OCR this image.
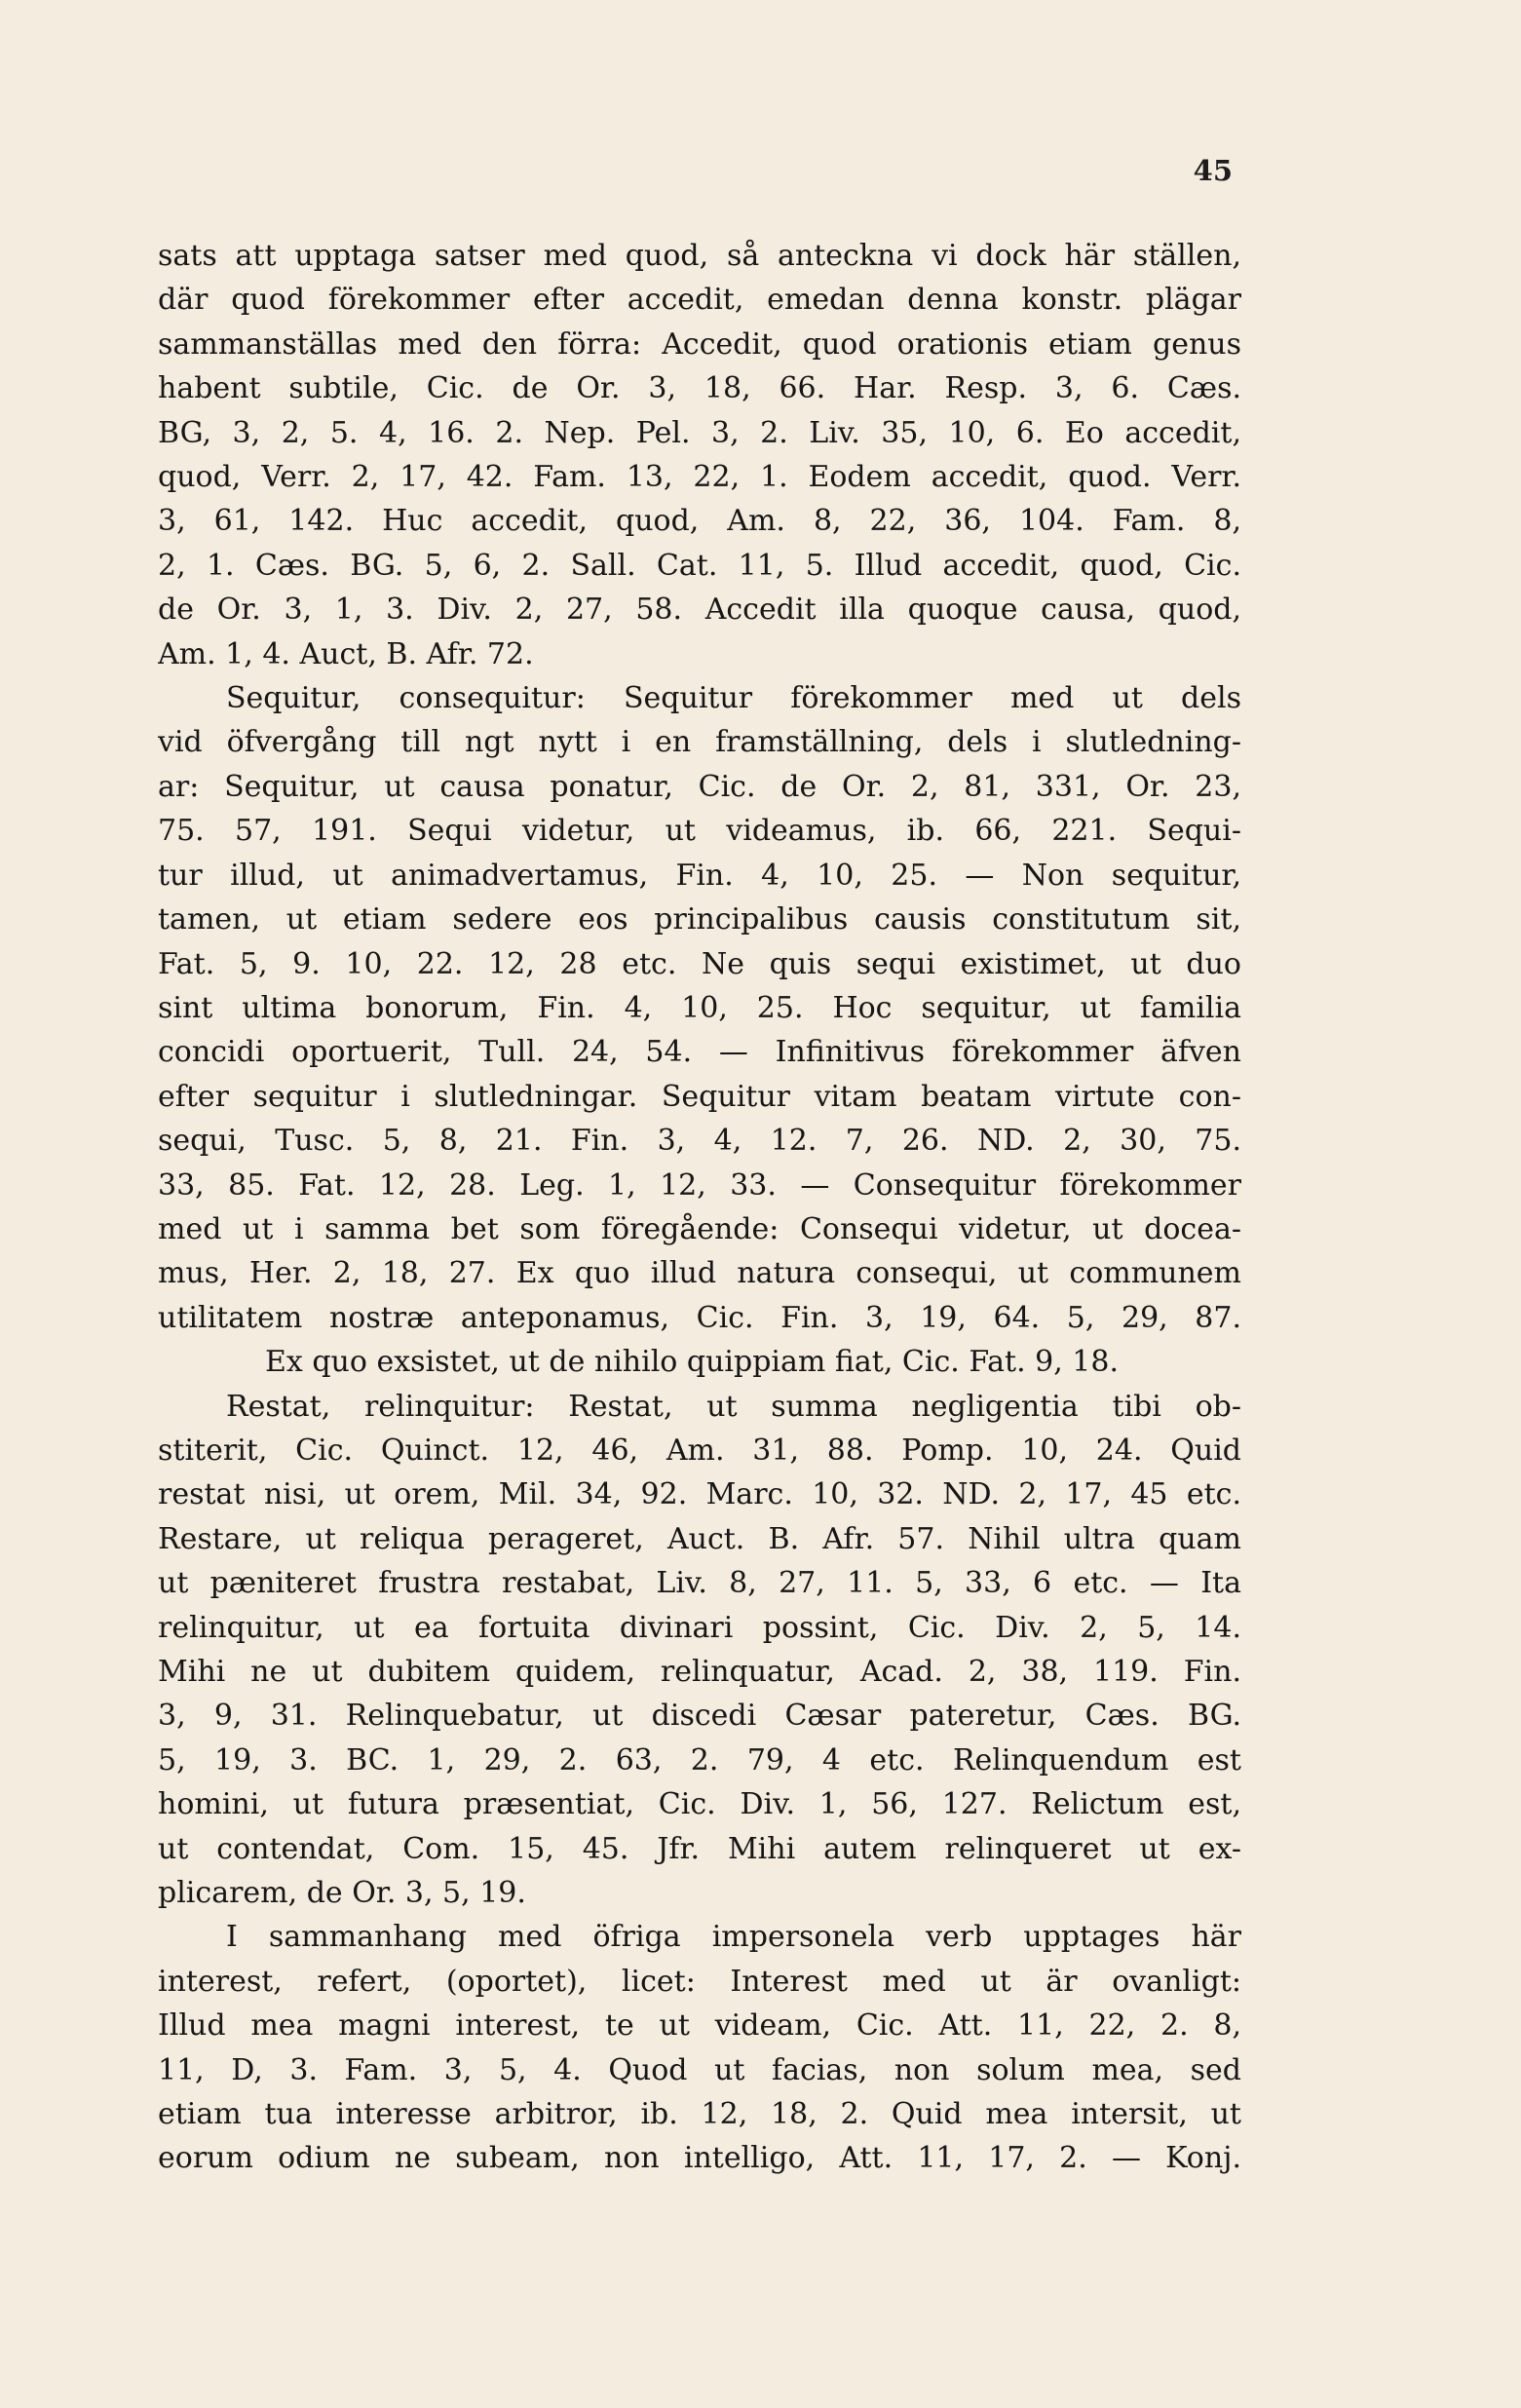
45
sats att upptaga satser med quod, så anteckna vi dock här ställen,
där quod förekommer efter accedit, emedan denna konstr. plägar
sammanställas med den förra: Accedit, quod orationis etiam genus
habent subtile, Cic. de Or. 3, 18, 66. Har. Resp. 3, 6. Cæs.
BG, 3, 2, 5. 4, 16. 2. Nep. Pel. 3, 2. Liv. 35, 10, 6. Eo accedit,
quod, Verr. 2, 17, 42. Fam. 13, 22, 1. Eodem accedit, quod. Verr.
3, 61, 142. Huc accedit, quod, Am. 8, 22, 36, 104. Fam. 8,
2, 1. Cæs. BG. 5, 6, 2. Sall. Cat. 11, 5. Illud accedit, quod, Cic.
de Or. 3, 1, 3. Div. 2, 27, 58. Accedit illa quoque causa, quod,
Am. 1, 4. Auct, B. Afr. 72.
Sequitur, consequitur: Sequitur förekommer med ut dels
vid öfvergång till ngt nytt i en framställning, dels i slutledning-
ar: Sequitur, ut causa ponatur, Cic. de Or. 2, 81, 331, Or. 23,
75. 57, 191. Sequi videtur, ut videamus, ib. 66, 221. Sequi-
tur illud, ut animadvertamus, Fin. 4, 10, 25. — Non sequitur,
tamen, ut etiam sedere eos principalibus causis constitutum sit,
Fat. 5, 9. 10, 22. 12, 28 etc. Ne quis sequi existimet, ut duo
sint ultima bonorum, Fin. 4, 10, 25. Hoc sequitur, ut familia
concidi oportuerit, Tull. 24, 54. — Infinitivus förekommer äfven
efter sequitur i slutledningar. Sequitur vitam beatam virtute con-
sequi, Tusc. 5, 8, 21. Fin. 3, 4, 12. 7, 26. ND. 2, 30, 75.
33, 85. Fat. 12, 28. Leg. 1, 12, 33. — Consequitur förekommer
med ut i samma bet som föregående: Consequi videtur, ut docea-
mus, Her. 2, 18, 27. Ex quo illud natura consequi, ut communem
utilitatem nostræ anteponamus, Cic. Fin. 3, 19, 64. 5, 29, 87.
Ex quo exsistet, ut de nihilo quippiam fiat, Cic. Fat. 9, 18.
Restat, relinquitur: Restat, ut summa negligentia tibi ob-
stiterit, Cic. Quinct. 12, 46, Am. 31, 88. Pomp. 10, 24. Quid
restat nisi, ut orem, Mil. 34, 92. Marc. 10, 32. ND. 2, 17, 45 etc.
Restare, ut reliqua perageret, Auct. B. Afr. 57. Nihil ultra quam
ut pæniteret frustra restabat, Liv. 8, 27, 11. 5, 33, 6 etc. — Ita
relinquitur, ut ea fortuita divinari possint, Cic. Div. 2, 5, 14.
Mihi ne ut dubitem quidem, relinquatur, Acad. 2, 38, 119. Fin.
3, 9, 31. Relinquebatur, ut discedi Cæsar pateretur, Cæs. BG.
5, 19, 3. BC. 1, 29, 2. 63, 2. 79, 4 etc. Relinquendum est
homini, ut futura præsentiat, Cic. Div. 1, 56, 127. Relictum est,
ut contendat, Com. 15, 45. Jfr. Mihi autem relinqueret ut ex-
plicarem, de Or. 3, 5, 19.
I sammanhang med öfriga impersonela verb upptages här
interest, refert, (oportet), licet: Interest med ut är ovanligt:
Illud mea magni interest, te ut videam, Cic. Att. 11, 22, 2. 8,
11, D, 3. Fam. 3, 5, 4. Quod ut facias, non solum mea, sed
etiam tua interesse arbitror, ib. 12, 18, 2. Quid mea intersit, ut
eorum odium ne subeam, non intelligo, Att. 11, 17, 2. — Konj.
